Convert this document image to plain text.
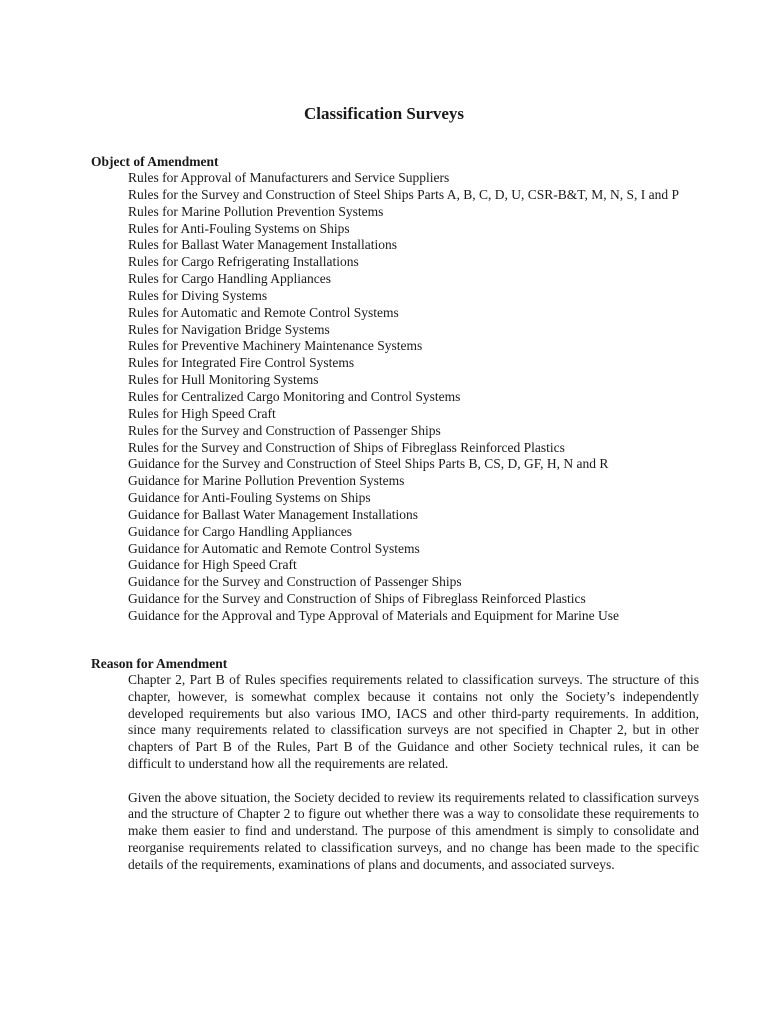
Classification Surveys
Object of Amendment
Rules for Approval of Manufacturers and Service Suppliers
Rules for the Survey and Construction of Steel Ships Parts A, B, C, D, U, CSR-B&T, M, N, S, I and P
Rules for Marine Pollution Prevention Systems
Rules for Anti-Fouling Systems on Ships
Rules for Ballast Water Management Installations
Rules for Cargo Refrigerating Installations
Rules for Cargo Handling Appliances
Rules for Diving Systems
Rules for Automatic and Remote Control Systems
Rules for Navigation Bridge Systems
Rules for Preventive Machinery Maintenance Systems
Rules for Integrated Fire Control Systems
Rules for Hull Monitoring Systems
Rules for Centralized Cargo Monitoring and Control Systems
Rules for High Speed Craft
Rules for the Survey and Construction of Passenger Ships
Rules for the Survey and Construction of Ships of Fibreglass Reinforced Plastics
Guidance for the Survey and Construction of Steel Ships Parts B, CS, D, GF, H, N and R
Guidance for Marine Pollution Prevention Systems
Guidance for Anti-Fouling Systems on Ships
Guidance for Ballast Water Management Installations
Guidance for Cargo Handling Appliances
Guidance for Automatic and Remote Control Systems
Guidance for High Speed Craft
Guidance for the Survey and Construction of Passenger Ships
Guidance for the Survey and Construction of Ships of Fibreglass Reinforced Plastics
Guidance for the Approval and Type Approval of Materials and Equipment for Marine Use
Reason for Amendment

Chapter 2, Part B of Rules specifies requirements related to classification surveys. The structure of this chapter, however, is somewhat complex because it contains not only the Society’s independently developed requirements but also various IMO, IACS and other third-party requirements. In addition, since many requirements related to classification surveys are not specified in Chapter 2, but in other chapters of Part B of the Rules, Part B of the Guidance and other Society technical rules, it can be difficult to understand how all the requirements are related.

Given the above situation, the Society decided to review its requirements related to classification surveys and the structure of Chapter 2 to figure out whether there was a way to consolidate these requirements to make them easier to find and understand. The purpose of this amendment is simply to consolidate and reorganise requirements related to classification surveys, and no change has been made to the specific details of the requirements, examinations of plans and documents, and associated surveys.
